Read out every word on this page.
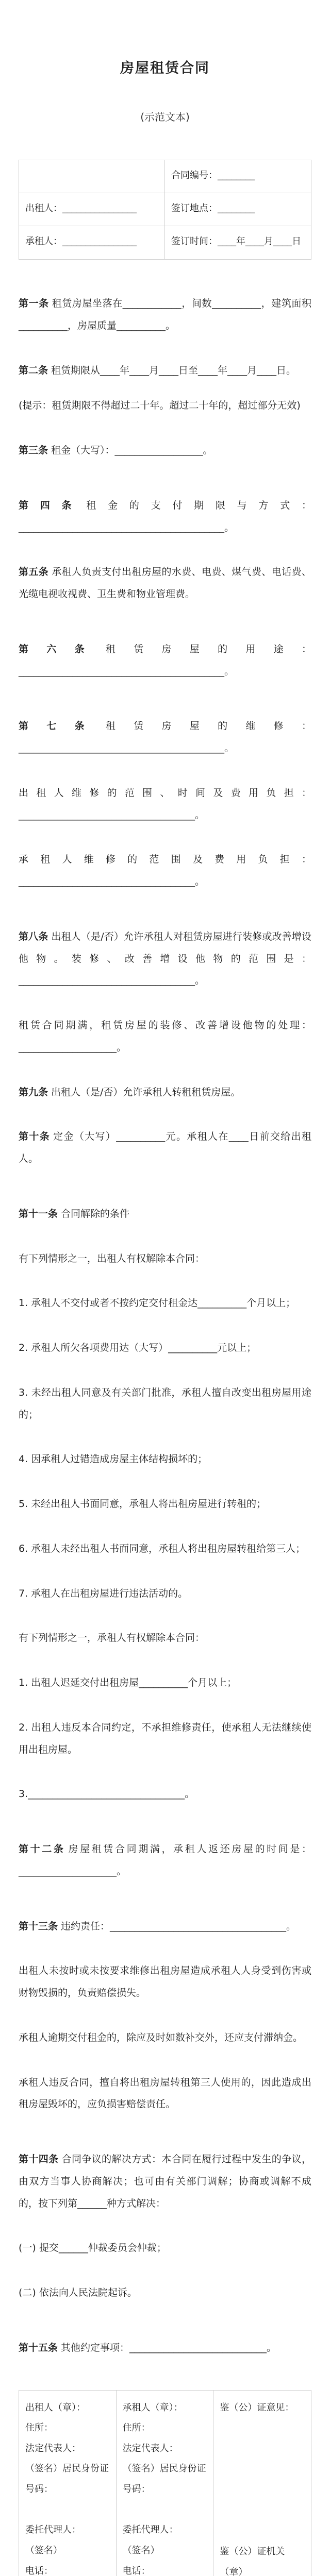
房屋租赁合同
(示范文本)
合同编号：________
出租人：________________	签订地点：________
承租人：________________	签订时间：____年____月____日

第一条 租赁房屋坐落在____________，间数__________，建筑面积__________，房屋质量__________。

第二条 租赁期限从____年____月____日至____年____月____日。

(提示：租赁期限不得超过二十年。超过二十年的，超过部分无效)

第三条 租金（大写）：__________________。

第四条 租金的支付期限与方式：__________________________________________。

第五条 承租人负责支付出租房屋的水费、电费、煤气费、电话费、光缆电视收视费、卫生费和物业管理费。

第六条 租赁房屋的用途：__________________________________________。

第七条 租赁房屋的维修：__________________________________________。

出租人维修的范围、时间及费用负担：____________________________________。

承租人维修的范围及费用负担：____________________________________。

第八条 出租人（是/否）允许承租人对租赁房屋进行装修或改善增设他物。装修、改善增设他物的范围是：____________________________________。

租赁合同期满，租赁房屋的装修、改善增设他物的处理：____________________。

第九条 出租人（是/否）允许承租人转租租赁房屋。

第十条 定金（大写）__________元。承租人在____日前交给出租人。

第十一条 合同解除的条件

有下列情形之一，出租人有权解除本合同：

1. 承租人不交付或者不按约定交付租金达__________个月以上；

2. 承租人所欠各项费用达（大写）__________元以上；

3. 未经出租人同意及有关部门批准，承租人擅自改变出租房屋用途的；

4. 因承租人过错造成房屋主体结构损坏的；

5. 未经出租人书面同意，承租人将出租房屋进行转租的；

6. 承租人未经出租人书面同意，承租人将出租房屋转租给第三人；

7. 承租人在出租房屋进行违法活动的。

有下列情形之一，承租人有权解除本合同：

1. 出租人迟延交付出租房屋__________个月以上；

2. 出租人违反本合同约定，不承担维修责任，使承租人无法继续使用出租房屋。

3.________________________________。

第十二条 房屋租赁合同期满，承租人返还房屋的时间是：____________________。

第十三条 违约责任：____________________________________。

出租人未按时或未按要求维修出租房屋造成承租人人身受到伤害或财物毁损的，负责赔偿损失。

承租人逾期交付租金的，除应及时如数补交外，还应支付滞纳金。

承租人违反合同，擅自将出租房屋转租第三人使用的，因此造成出租房屋毁坏的，应负损害赔偿责任。

第十四条 合同争议的解决方式：本合同在履行过程中发生的争议，由双方当事人协商解决；也可由有关部门调解；协商或调解不成的，按下列第______种方式解决：

(一) 提交______仲裁委员会仲裁；

(二) 依法向人民法院起诉。

第十五条 其他约定事项：____________________________。

出租人（章）：
住所：
法定代表人：
（签名）居民身份证号码：
委托代理人：
（签名）
电话：
承租人（章）：
住所：
法定代表人：
（签名）居民身份证号码：
委托代理人：
（签名）
电话：
鉴（公）证意见：
鉴（公）证机关（章）
